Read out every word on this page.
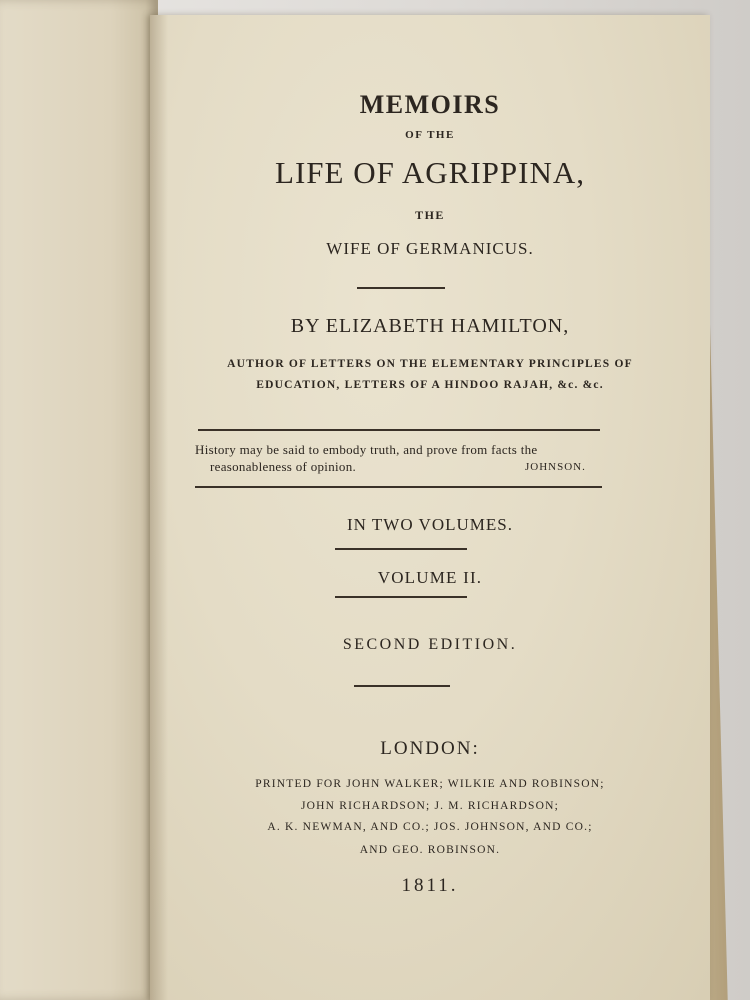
MEMOIRS
OF THE
LIFE OF AGRIPPINA,
THE
WIFE OF GERMANICUS.
BY ELIZABETH HAMILTON,
AUTHOR OF LETTERS ON THE ELEMENTARY PRINCIPLES OF
EDUCATION, LETTERS OF A HINDOO RAJAH, &c. &c.
History may be said to embody truth, and prove from facts the
reasonableness of opinion.	JOHNSON.
IN TWO VOLUMES.
VOLUME II.
SECOND EDITION.
LONDON:
PRINTED FOR JOHN WALKER; WILKIE AND ROBINSON;
JOHN RICHARDSON; J. M. RICHARDSON;
A. K. NEWMAN, AND CO.; JOS. JOHNSON, AND CO.;
AND GEO. ROBINSON.
1811.
